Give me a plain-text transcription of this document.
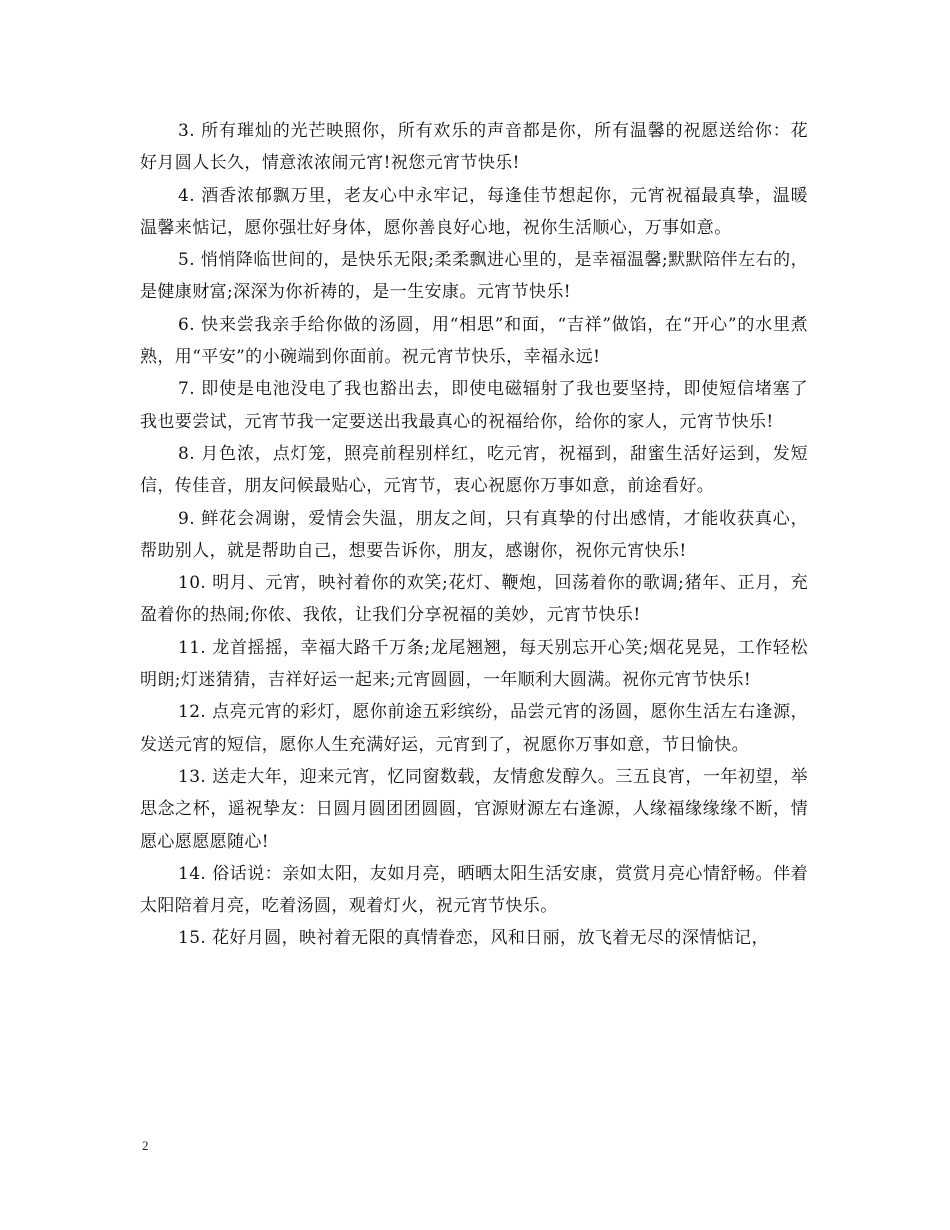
3. 所有璀灿的光芒映照你，所有欢乐的声音都是你，所有温馨的祝愿送给你：花好月圆人长久，情意浓浓闹元宵!祝您元宵节快乐!

4. 酒香浓郁飘万里，老友心中永牢记，每逢佳节想起你，元宵祝福最真挚，温暖温馨来惦记，愿你强壮好身体，愿你善良好心地，祝你生活顺心，万事如意。

5. 悄悄降临世间的，是快乐无限;柔柔飘进心里的，是幸福温馨;默默陪伴左右的，是健康财富;深深为你祈祷的，是一生安康。元宵节快乐!

6. 快来尝我亲手给你做的汤圆，用“相思”和面，“吉祥”做馅，在“开心”的水里煮熟，用“平安”的小碗端到你面前。祝元宵节快乐，幸福永远!

7. 即使是电池没电了我也豁出去，即使电磁辐射了我也要坚持，即使短信堵塞了我也要尝试，元宵节我一定要送出我最真心的祝福给你，给你的家人，元宵节快乐!

8. 月色浓，点灯笼，照亮前程别样红，吃元宵，祝福到，甜蜜生活好运到，发短信，传佳音，朋友问候最贴心，元宵节，衷心祝愿你万事如意，前途看好。

9. 鲜花会凋谢，爱情会失温，朋友之间，只有真挚的付出感情，才能收获真心，帮助别人，就是帮助自己，想要告诉你，朋友，感谢你，祝你元宵快乐!

10. 明月、元宵，映衬着你的欢笑;花灯、鞭炮，回荡着你的歌调;猪年、正月，充盈着你的热闹;你侬、我侬，让我们分享祝福的美妙，元宵节快乐!

11. 龙首摇摇，幸福大路千万条;龙尾翘翘，每天别忘开心笑;烟花晃晃，工作轻松明朗;灯迷猜猜，吉祥好运一起来;元宵圆圆，一年顺利大圆满。祝你元宵节快乐!

12. 点亮元宵的彩灯，愿你前途五彩缤纷，品尝元宵的汤圆，愿你生活左右逢源，发送元宵的短信，愿你人生充满好运，元宵到了，祝愿你万事如意，节日愉快。

13. 送走大年，迎来元宵，忆同窗数载，友情愈发醇久。三五良宵，一年初望，举思念之杯，遥祝挚友：日圆月圆团团圆圆，官源财源左右逢源，人缘福缘缘缘不断，情愿心愿愿愿随心!

14. 俗话说：亲如太阳，友如月亮，晒晒太阳生活安康，赏赏月亮心情舒畅。伴着太阳陪着月亮，吃着汤圆，观着灯火，祝元宵节快乐。

15. 花好月圆，映衬着无限的真情眷恋，风和日丽，放飞着无尽的深情惦记，

2
